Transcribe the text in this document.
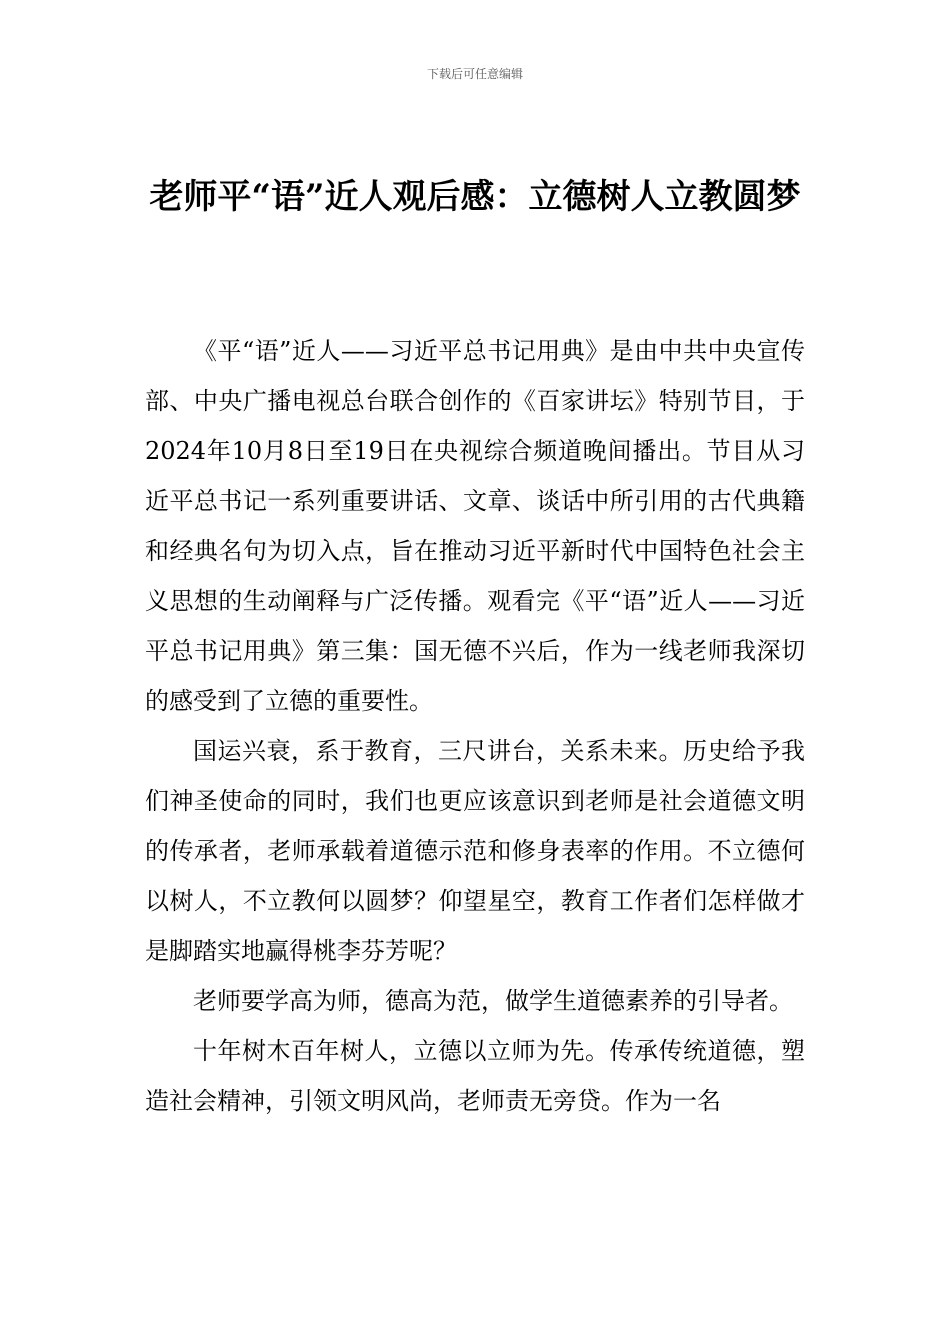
下载后可任意编辑
老师平“语”近人观后感：立德树人立教圆梦

《平“语”近人——习近平总书记用典》是由中共中央宣传部、中央广播电视总台联合创作的《百家讲坛》特别节目，于2024年10月8日至19日在央视综合频道晚间播出。节目从习近平总书记一系列重要讲话、文章、谈话中所引用的古代典籍和经典名句为切入点，旨在推动习近平新时代中国特色社会主义思想的生动阐释与广泛传播。观看完《平“语”近人——习近平总书记用典》第三集：国无德不兴后，作为一线老师我深切的感受到了立德的重要性。

国运兴衰，系于教育，三尺讲台，关系未来。历史给予我们神圣使命的同时，我们也更应该意识到老师是社会道德文明的传承者，老师承载着道德示范和修身表率的作用。不立德何以树人，不立教何以圆梦？仰望星空，教育工作者们怎样做才是脚踏实地赢得桃李芬芳呢？

老师要学高为师，德高为范，做学生道德素养的引导者。

十年树木百年树人，立德以立师为先。传承传统道德，塑造社会精神，引领文明风尚，老师责无旁贷。作为一名
